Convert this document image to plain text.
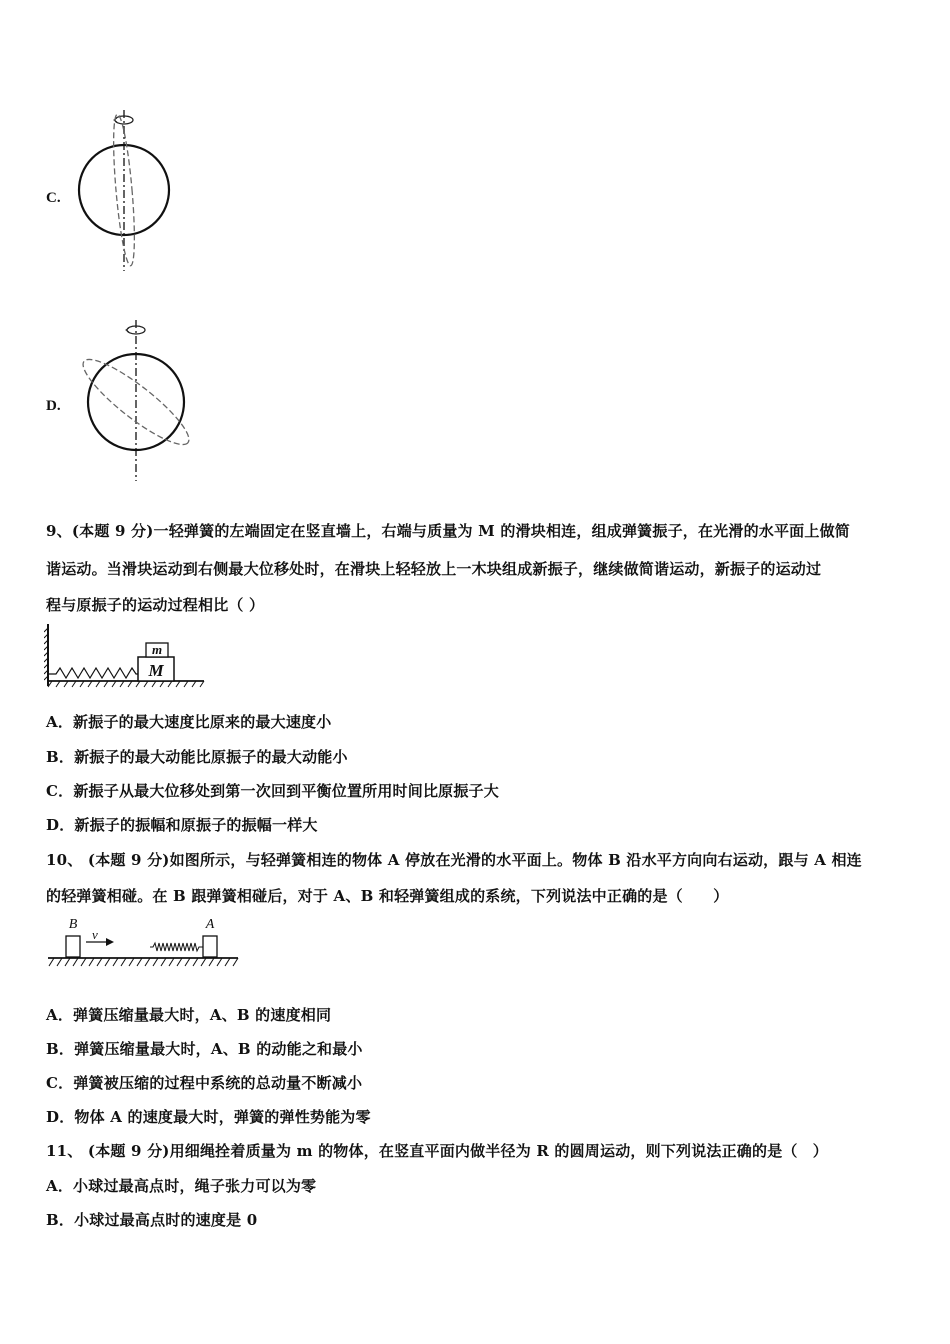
C.
D.
9、(本题 9 分)一轻弹簧的左端固定在竖直墙上，右端与质量为 M 的滑块相连，组成弹簧振子，在光滑的水平面上做简
谐运动。当滑块运动到右侧最大位移处时，在滑块上轻轻放上一木块组成新振子，继续做简谐运动，新振子的运动过
程与原振子的运动过程相比（ ）
m
M
A．新振子的最大速度比原来的最大速度小
B．新振子的最大动能比原振子的最大动能小
C．新振子从最大位移处到第一次回到平衡位置所用时间比原振子大
D．新振子的振幅和原振子的振幅一样大
10、 (本题 9 分)如图所示，与轻弹簧相连的物体 A 停放在光滑的水平面上。物体 B 沿水平方向向右运动，跟与 A 相连
的轻弹簧相碰。在 B 跟弹簧相碰后，对于 A、B 和轻弹簧组成的系统，下列说法中正确的是（　　）
B
v
A
A．弹簧压缩量最大时，A、B 的速度相同
B．弹簧压缩量最大时，A、B 的动能之和最小
C．弹簧被压缩的过程中系统的总动量不断减小
D．物体 A 的速度最大时，弹簧的弹性势能为零
11、 (本题 9 分)用细绳拴着质量为 m 的物体，在竖直平面内做半径为 R 的圆周运动，则下列说法正确的是（　）
A．小球过最高点时，绳子张力可以为零
B．小球过最高点时的速度是 0
